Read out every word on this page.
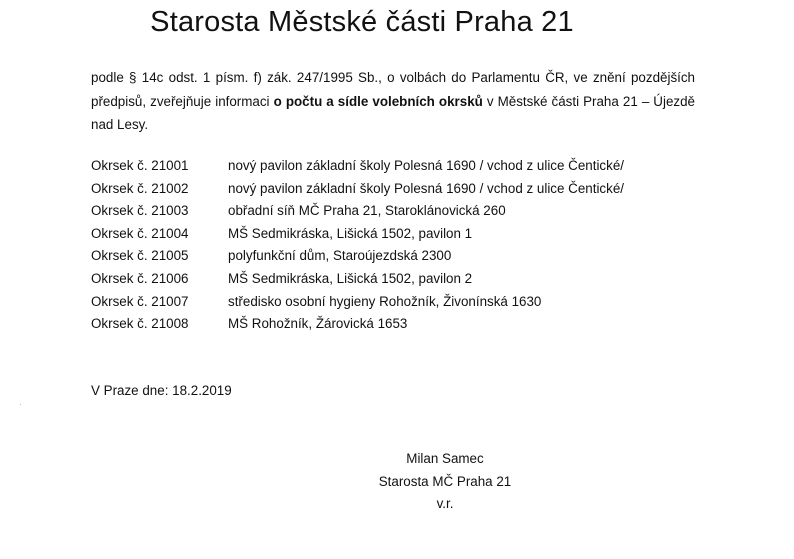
Starosta Městské části Praha 21
podle § 14c odst. 1 písm. f) zák. 247/1995 Sb., o volbách do Parlamentu ČR, ve znění pozdějších předpisů, zveřejňuje informaci o počtu a sídle volebních okrsků v Městské části Praha 21 – Újezdě nad Lesy.
Okrsek č. 21001	nový pavilon základní školy Polesná 1690 / vchod z ulice Čentické/
Okrsek č. 21002	nový pavilon základní školy Polesná 1690 / vchod z ulice Čentické/
Okrsek č. 21003	obřadní síň MČ Praha 21, Staroklánovická 260
Okrsek č. 21004	MŠ Sedmikráska, Lišická 1502, pavilon 1
Okrsek č. 21005	polyfunkční dům, Staroújezdská 2300
Okrsek č. 21006	MŠ Sedmikráska, Lišická 1502, pavilon 2
Okrsek č. 21007	středisko osobní hygieny Rohožník, Živonínská 1630
Okrsek č. 21008	MŠ Rohožník, Žárovická 1653
V Praze dne: 18.2.2019
Milan Samec
Starosta MČ Praha 21
v.r.
